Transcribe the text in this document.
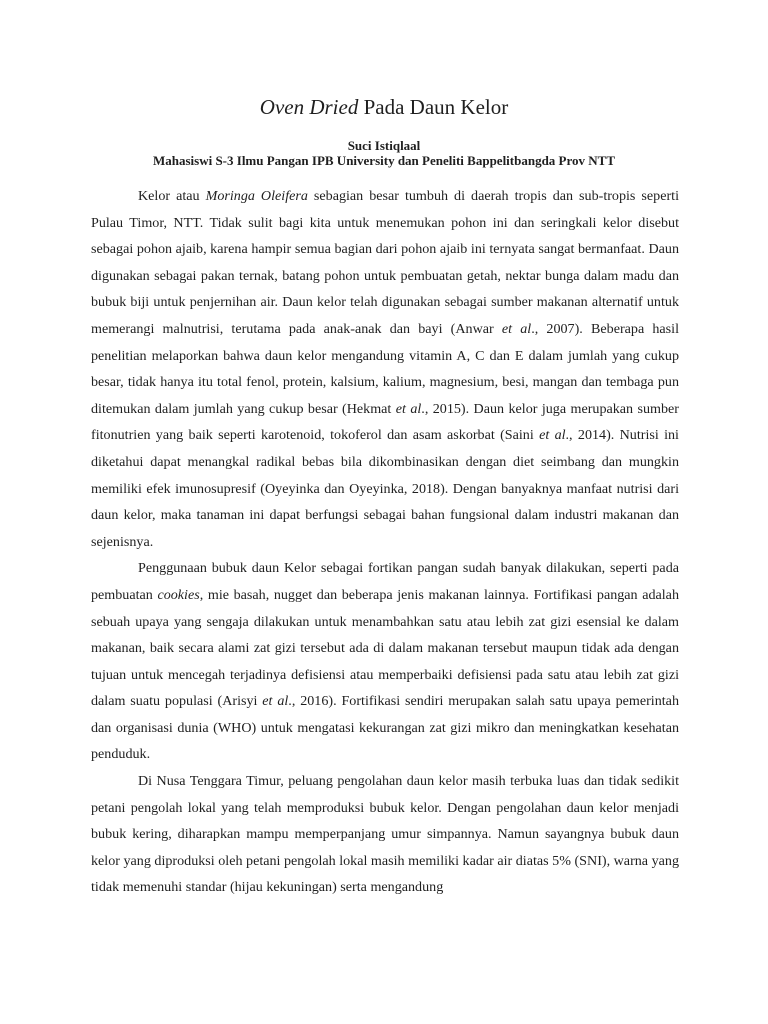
Oven Dried Pada Daun Kelor
Suci Istiqlaal
Mahasiswi S-3 Ilmu Pangan IPB University dan Peneliti Bappelitbangda Prov NTT

Kelor atau Moringa Oleifera sebagian besar tumbuh di daerah tropis dan sub-tropis seperti Pulau Timor, NTT. Tidak sulit bagi kita untuk menemukan pohon ini dan seringkali kelor disebut sebagai pohon ajaib, karena hampir semua bagian dari pohon ajaib ini ternyata sangat bermanfaat. Daun digunakan sebagai pakan ternak, batang pohon untuk pembuatan getah, nektar bunga dalam madu dan bubuk biji untuk penjernihan air. Daun kelor telah digunakan sebagai sumber makanan alternatif untuk memerangi malnutrisi, terutama pada anak-anak dan bayi (Anwar et al., 2007). Beberapa hasil penelitian melaporkan bahwa daun kelor mengandung vitamin A, C dan E dalam jumlah yang cukup besar, tidak hanya itu total fenol, protein, kalsium, kalium, magnesium, besi, mangan dan tembaga pun ditemukan dalam jumlah yang cukup besar (Hekmat et al., 2015). Daun kelor juga merupakan sumber fitonutrien yang baik seperti karotenoid, tokoferol dan asam askorbat (Saini et al., 2014). Nutrisi ini diketahui dapat menangkal radikal bebas bila dikombinasikan dengan diet seimbang dan mungkin memiliki efek imunosupresif (Oyeyinka dan Oyeyinka, 2018). Dengan banyaknya manfaat nutrisi dari daun kelor, maka tanaman ini dapat berfungsi sebagai bahan fungsional dalam industri makanan dan sejenisnya.

Penggunaan bubuk daun Kelor sebagai fortikan pangan sudah banyak dilakukan, seperti pada pembuatan cookies, mie basah, nugget dan beberapa jenis makanan lainnya. Fortifikasi pangan adalah sebuah upaya yang sengaja dilakukan untuk menambahkan satu atau lebih zat gizi esensial ke dalam makanan, baik secara alami zat gizi tersebut ada di dalam makanan tersebut maupun tidak ada dengan tujuan untuk mencegah terjadinya defisiensi atau memperbaiki defisiensi pada satu atau lebih zat gizi dalam suatu populasi (Arisyi et al., 2016). Fortifikasi sendiri merupakan salah satu upaya pemerintah dan organisasi dunia (WHO) untuk mengatasi kekurangan zat gizi mikro dan meningkatkan kesehatan penduduk.

Di Nusa Tenggara Timur, peluang pengolahan daun kelor masih terbuka luas dan tidak sedikit petani pengolah lokal yang telah memproduksi bubuk kelor. Dengan pengolahan daun kelor menjadi bubuk kering, diharapkan mampu memperpanjang umur simpannya. Namun sayangnya bubuk daun kelor yang diproduksi oleh petani pengolah lokal masih memiliki kadar air diatas 5% (SNI), warna yang tidak memenuhi standar (hijau kekuningan) serta mengandung
